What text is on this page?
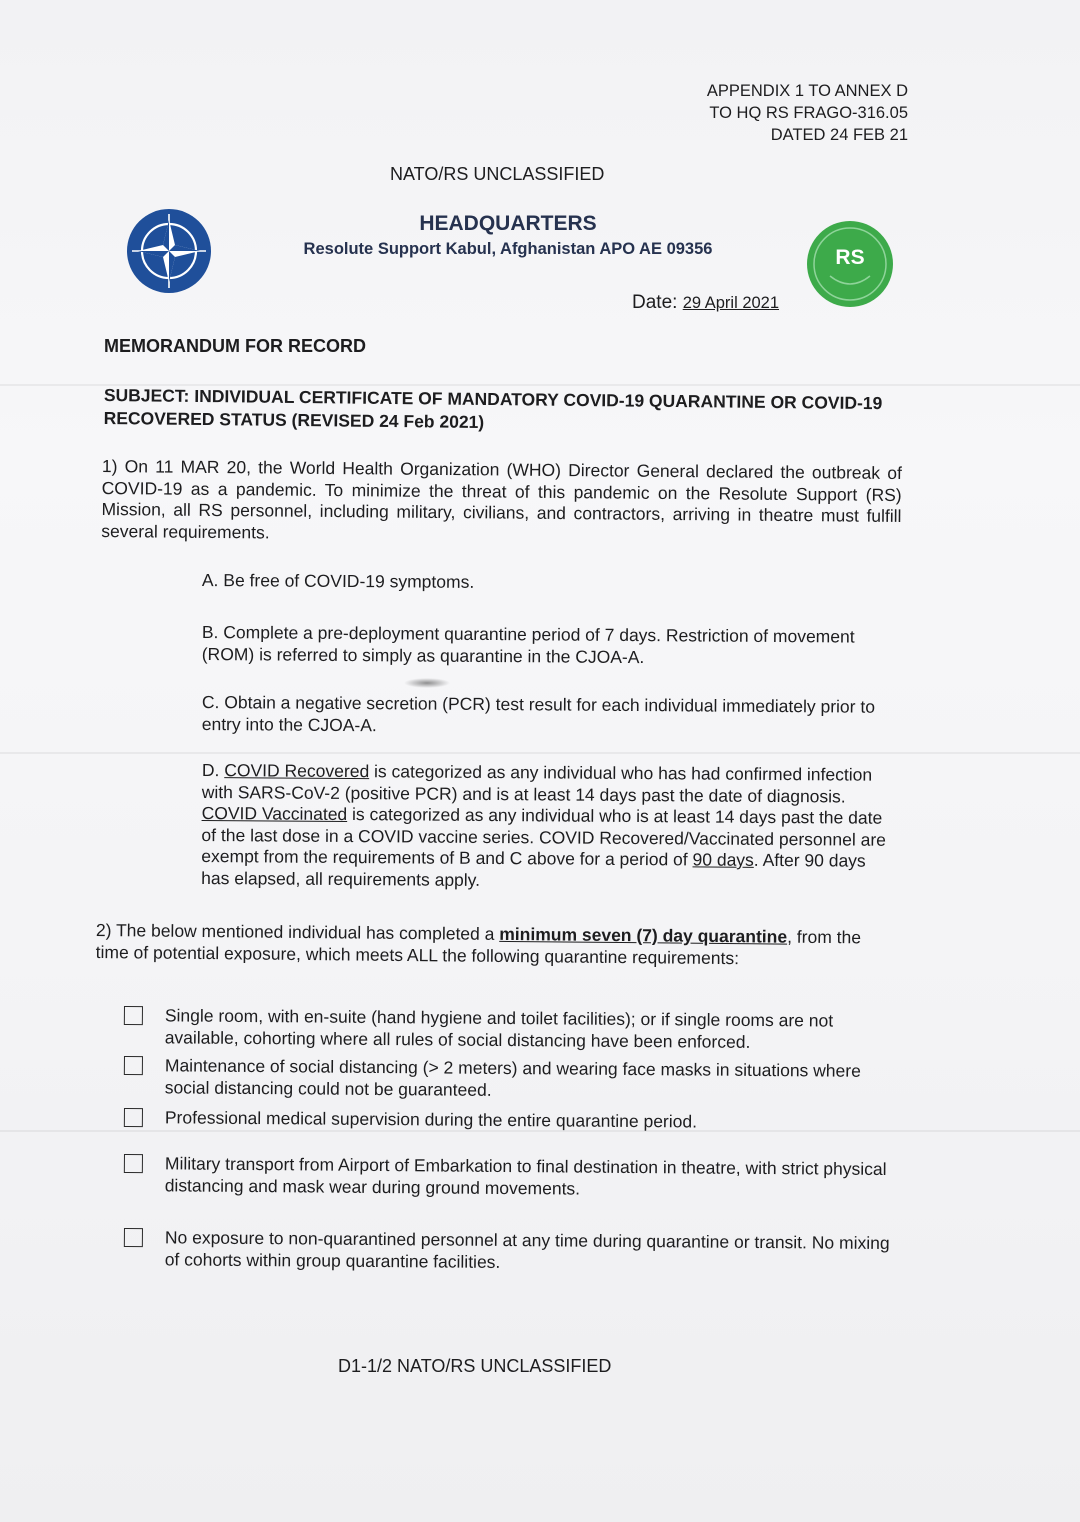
APPENDIX 1 TO ANNEX D
TO HQ RS FRAGO-316.05
DATED 24 FEB 21
NATO/RS UNCLASSIFIED
HEADQUARTERS
Resolute Support Kabul, Afghanistan APO AE 09356	RS
Date: 29 April 2021
MEMORANDUM FOR RECORD
SUBJECT: INDIVIDUAL CERTIFICATE OF MANDATORY COVID-19 QUARANTINE OR COVID-19 RECOVERED STATUS (REVISED 24 Feb 2021)
1) On 11 MAR 20, the World Health Organization (WHO) Director General declared the outbreak of COVID-19 as a pandemic. To minimize the threat of this pandemic on the Resolute Support (RS) Mission, all RS personnel, including military, civilians, and contractors, arriving in theatre must fulfill several requirements.
A. Be free of COVID-19 symptoms.
B. Complete a pre-deployment quarantine period of 7 days. Restriction of movement (ROM) is referred to simply as quarantine in the CJOA-A.
C. Obtain a negative secretion (PCR) test result for each individual immediately prior to entry into the CJOA-A.
D. COVID Recovered is categorized as any individual who has had confirmed infection with SARS-CoV-2 (positive PCR) and is at least 14 days past the date of diagnosis. COVID Vaccinated is categorized as any individual who is at least 14 days past the date of the last dose in a COVID vaccine series. COVID Recovered/Vaccinated personnel are exempt from the requirements of B and C above for a period of 90 days. After 90 days has elapsed, all requirements apply.
2) The below mentioned individual has completed a minimum seven (7) day quarantine, from the time of potential exposure, which meets ALL the following quarantine requirements:
Single room, with en-suite (hand hygiene and toilet facilities); or if single rooms are not available, cohorting where all rules of social distancing have been enforced.
Maintenance of social distancing (> 2 meters) and wearing face masks in situations where social distancing could not be guaranteed.
Professional medical supervision during the entire quarantine period.
Military transport from Airport of Embarkation to final destination in theatre, with strict physical distancing and mask wear during ground movements.
No exposure to non-quarantined personnel at any time during quarantine or transit. No mixing of cohorts within group quarantine facilities.
D1-1/2 NATO/RS UNCLASSIFIED
